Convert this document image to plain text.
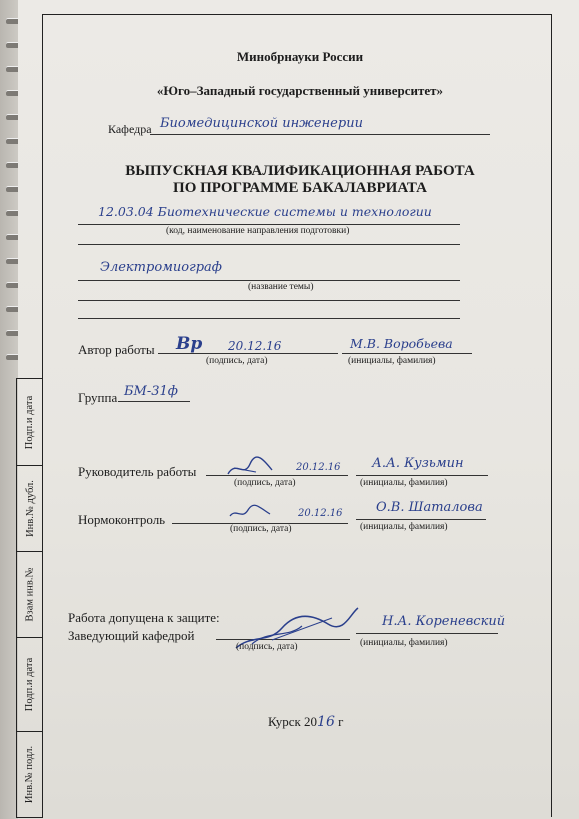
Подп.и дата
Инв.№ дубл.
Взам инв.№
Подп.и дата
Инв.№ подл.
Минобрнауки России
«Юго–Западный государственный университет»
Кафедра Биомедицинской инженерии
ВЫПУСКНАЯ КВАЛИФИКАЦИОННАЯ РАБОТА
ПО ПРОГРАММЕ БАКАЛАВРИАТА
12.03.04 Биотехнические системы и технологии
(код, наименование направления подготовки)
Электромиограф
(название темы)
Автор работы Вр 20.12.16	М.В. Воробьева
(подпись, дата)	(инициалы, фамилия)
Группа БМ-31ф
Руководитель работы	20.12.16 А.А. Кузьмин
(подпись, дата)	(инициалы, фамилия)
Нормоконтроль	20.12.16	О.В. Шаталова
(подпись, дата)	(инициалы, фамилия)
Работа допущена к защите:
Заведующий кафедрой
Н.А. Кореневский
(подпись, дата)	(инициалы, фамилия)
Курск 2016 г
